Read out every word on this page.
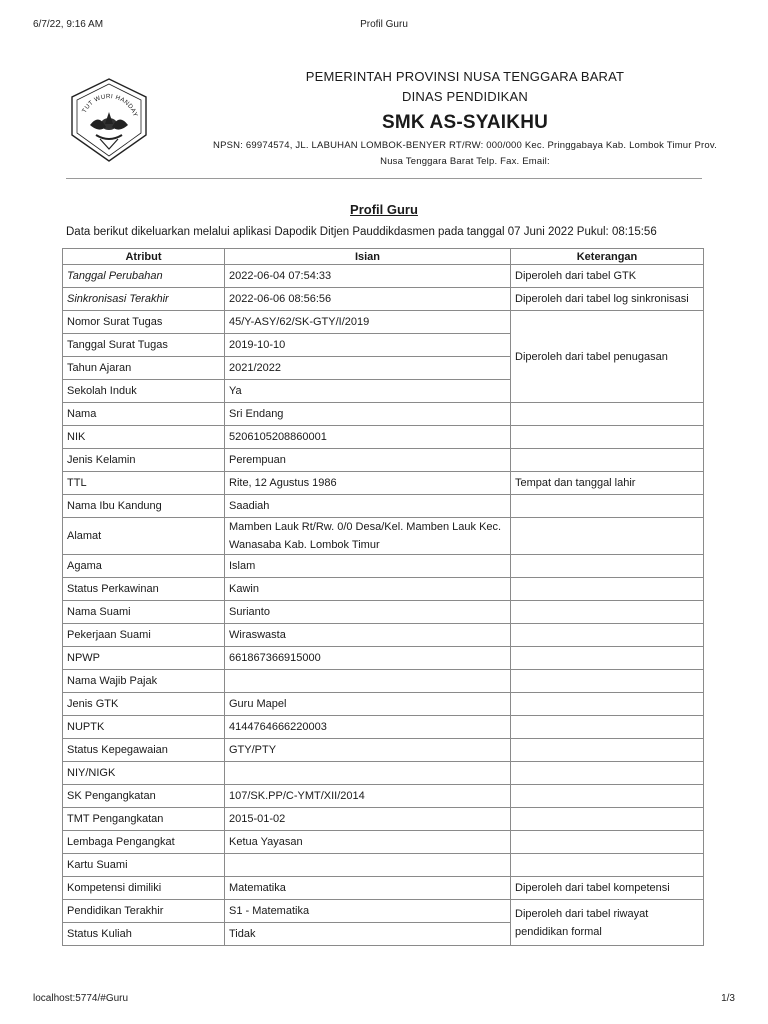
6/7/22, 9:16 AM	Profil Guru
TUT WURI HANDAY
PEMERINTAH PROVINSI NUSA TENGGARA BARAT
DINAS PENDIDIKAN
SMK AS-SYAIKHU
NPSN: 69974574, JL. LABUHAN LOMBOK-BENYER RT/RW: 000/000 Kec. Pringgabaya Kab. Lombok Timur Prov.
Nusa Tenggara Barat Telp. Fax. Email:
Profil Guru
Data berikut dikeluarkan melalui aplikasi Dapodik Ditjen Pauddikdasmen pada tanggal 07 Juni 2022 Pukul: 08:15:56
Atribut	Isian	Keterangan
Tanggal Perubahan	2022-06-04 07:54:33	Diperoleh dari tabel GTK
Sinkronisasi Terakhir	2022-06-06 08:56:56	Diperoleh dari tabel log sinkronisasi
Nomor Surat Tugas	45/Y-ASY/62/SK-GTY/I/2019	Diperoleh dari tabel penugasan
Tanggal Surat Tugas	2019-10-10	
Tahun Ajaran	2021/2022	
Sekolah Induk	Ya	
Nama	Sri Endang	
NIK	5206105208860001	
Jenis Kelamin	Perempuan	
TTL	Rite, 12 Agustus 1986	Tempat dan tanggal lahir
Nama Ibu Kandung	Saadiah	
Alamat	Mamben Lauk Rt/Rw. 0/0 Desa/Kel. Mamben Lauk Kec. Wanasaba Kab. Lombok Timur	
Agama	Islam	
Status Perkawinan	Kawin	
Nama Suami	Surianto	
Pekerjaan Suami	Wiraswasta	
NPWP	661867366915000	
Nama Wajib Pajak		
Jenis GTK	Guru Mapel	
NUPTK	4144764666220003	
Status Kepegawaian	GTY/PTY	
NIY/NIGK		
SK Pengangkatan	107/SK.PP/C-YMT/XII/2014	
TMT Pengangkatan	2015-01-02	
Lembaga Pengangkat	Ketua Yayasan	
Kartu Suami		
Kompetensi dimiliki	Matematika	Diperoleh dari tabel kompetensi
Pendidikan Terakhir	S1 - Matematika	Diperoleh dari tabel riwayat pendidikan formal
Status Kuliah	Tidak	
localhost:5774/#Guru	1/3
